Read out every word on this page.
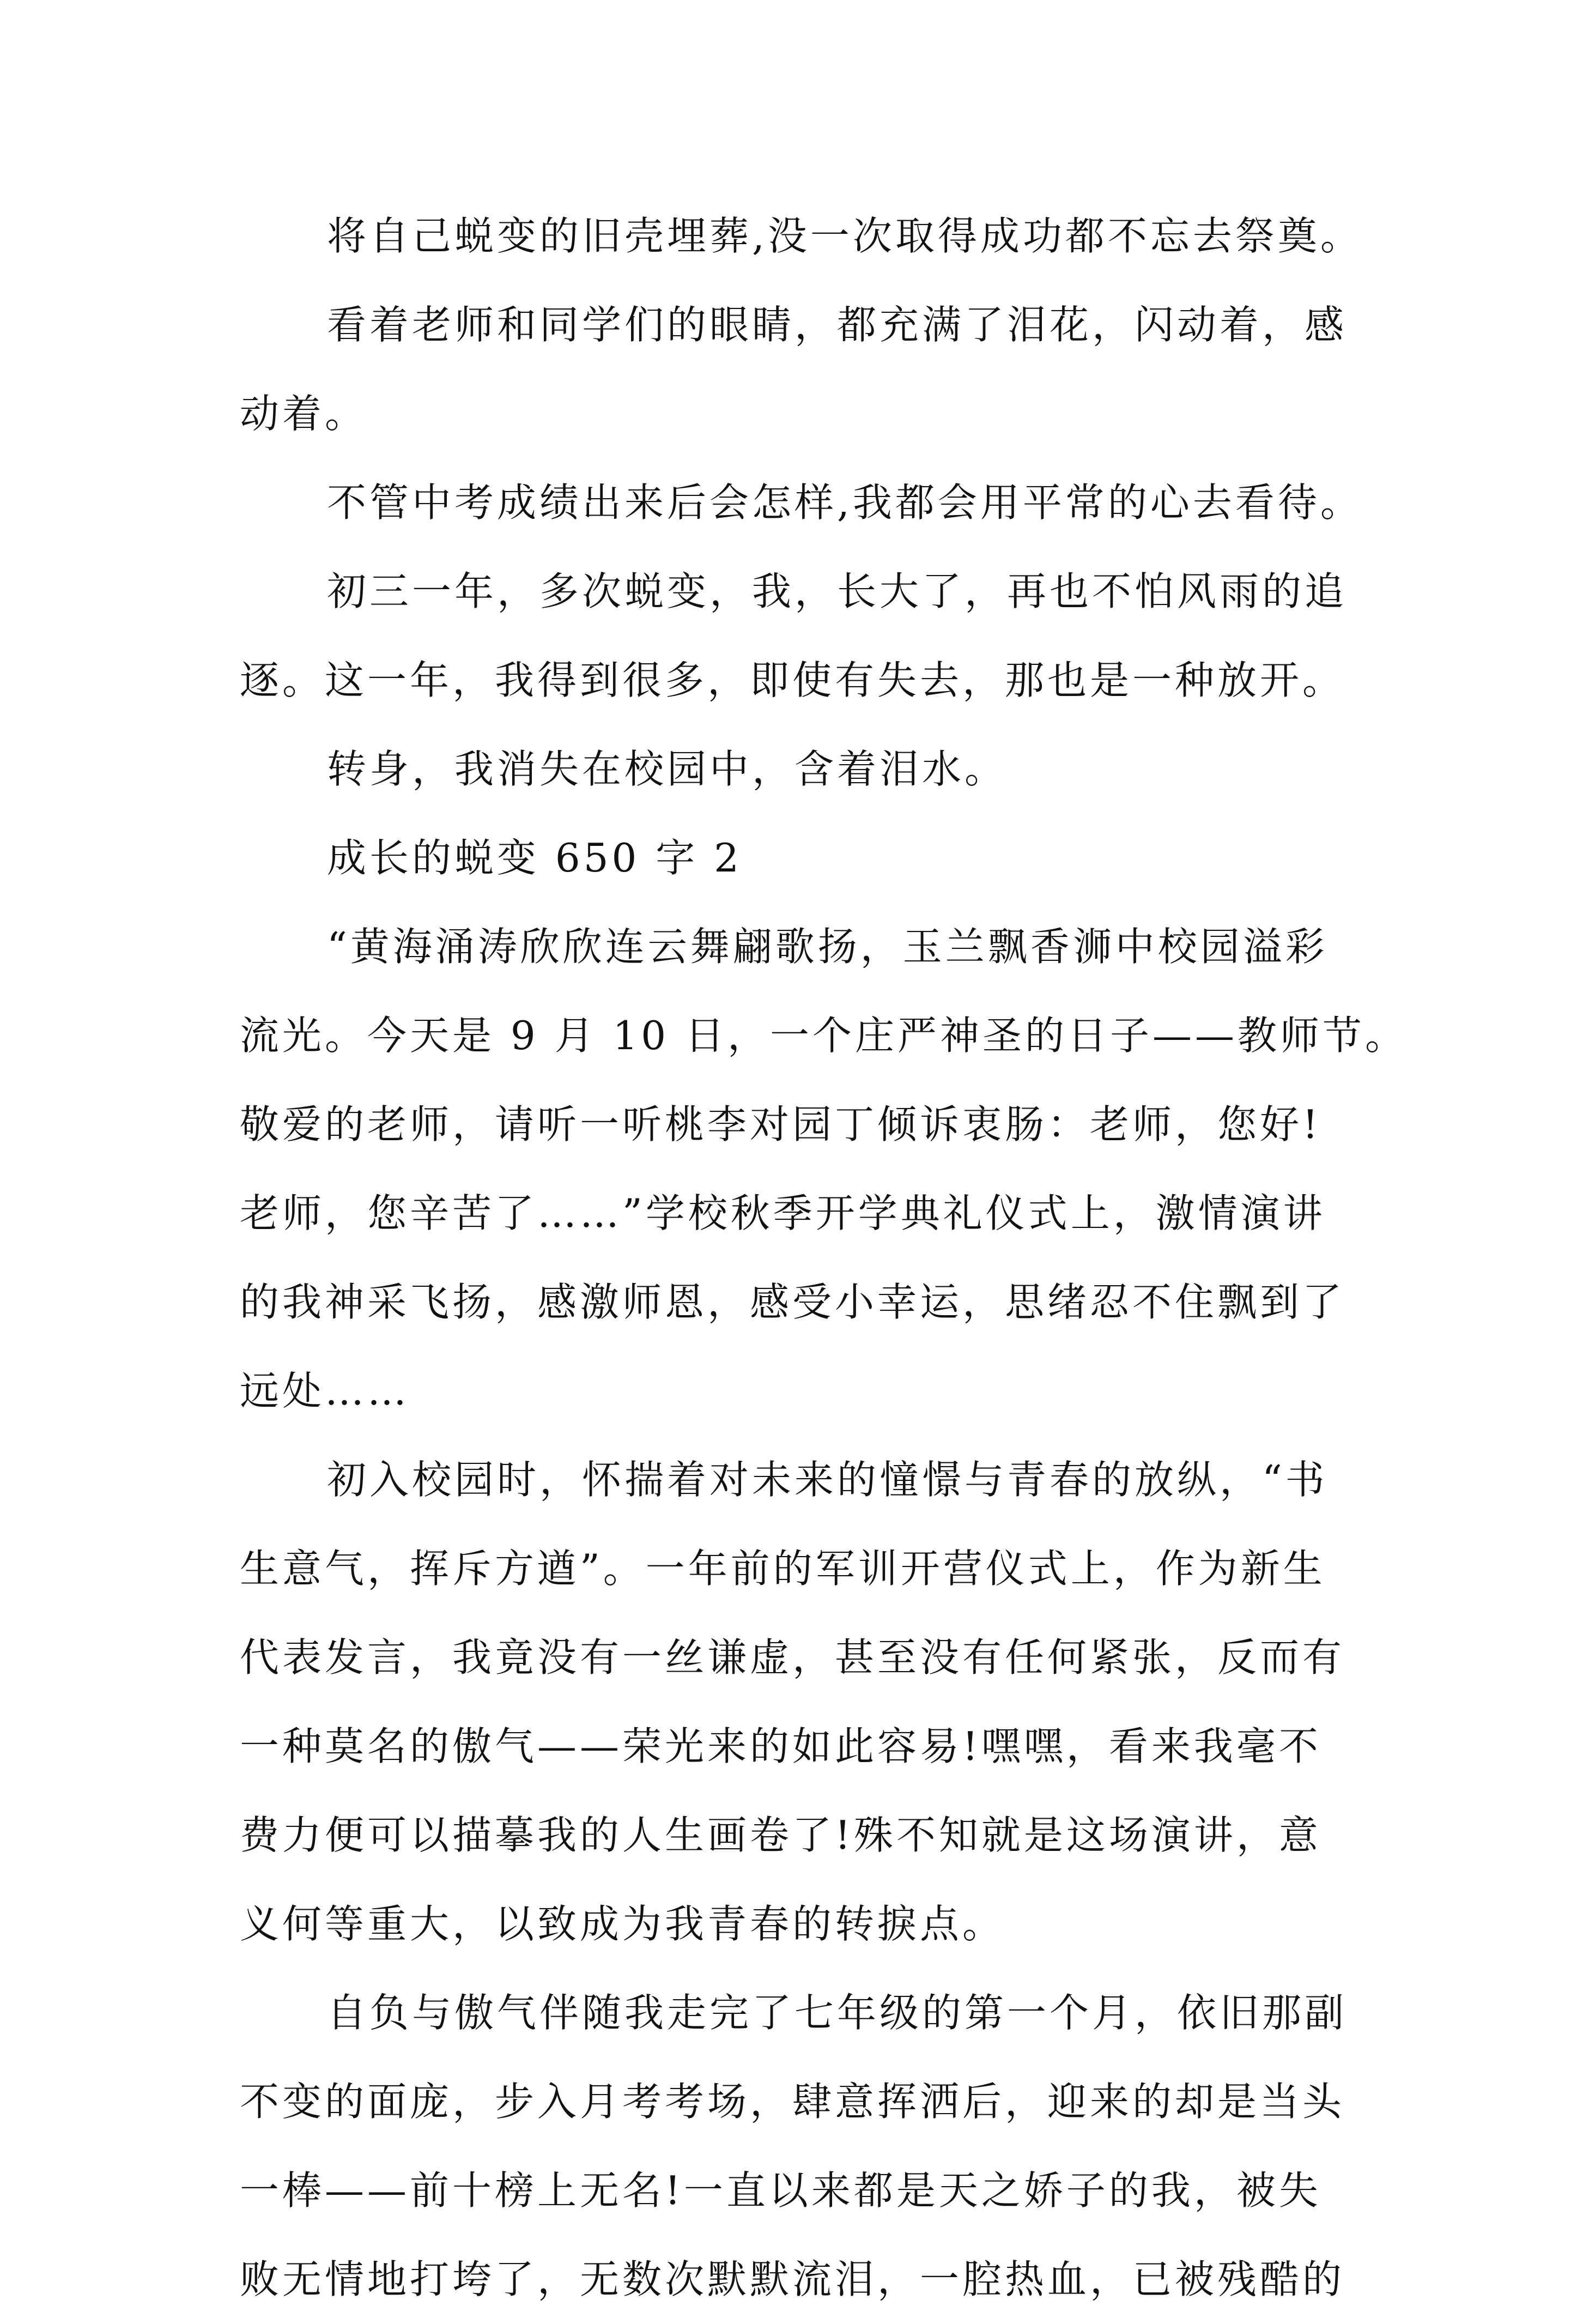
将自己蜕变的旧壳埋葬,没一次取得成功都不忘去祭奠。
看着老师和同学们的眼睛，都充满了泪花，闪动着，感
动着。
不管中考成绩出来后会怎样,我都会用平常的心去看待。
初三一年，多次蜕变，我，长大了，再也不怕风雨的追
逐。这一年，我得到很多，即使有失去，那也是一种放开。
转身，我消失在校园中，含着泪水。
成长的蜕变 650 字 2
“黄海涌涛欣欣连云舞翩歌扬，玉兰飘香浉中校园溢彩
流光。今天是 9 月 10 日，一个庄严神圣的日子——教师节。
敬爱的老师，请听一听桃李对园丁倾诉衷肠：老师，您好!
老师，您辛苦了……”学校秋季开学典礼仪式上，激情演讲
的我神采飞扬，感激师恩，感受小幸运，思绪忍不住飘到了
远处……
初入校园时，怀揣着对未来的憧憬与青春的放纵，“书
生意气，挥斥方遒”。一年前的军训开营仪式上，作为新生
代表发言，我竟没有一丝谦虚，甚至没有任何紧张，反而有
一种莫名的傲气——荣光来的如此容易!嘿嘿，看来我毫不
费力便可以描摹我的人生画卷了!殊不知就是这场演讲，意
义何等重大，以致成为我青春的转捩点。
自负与傲气伴随我走完了七年级的第一个月，依旧那副
不变的面庞，步入月考考场，肆意挥洒后，迎来的却是当头
一棒——前十榜上无名!一直以来都是天之娇子的我，被失
败无情地打垮了，无数次默默流泪，一腔热血，已被残酷的
